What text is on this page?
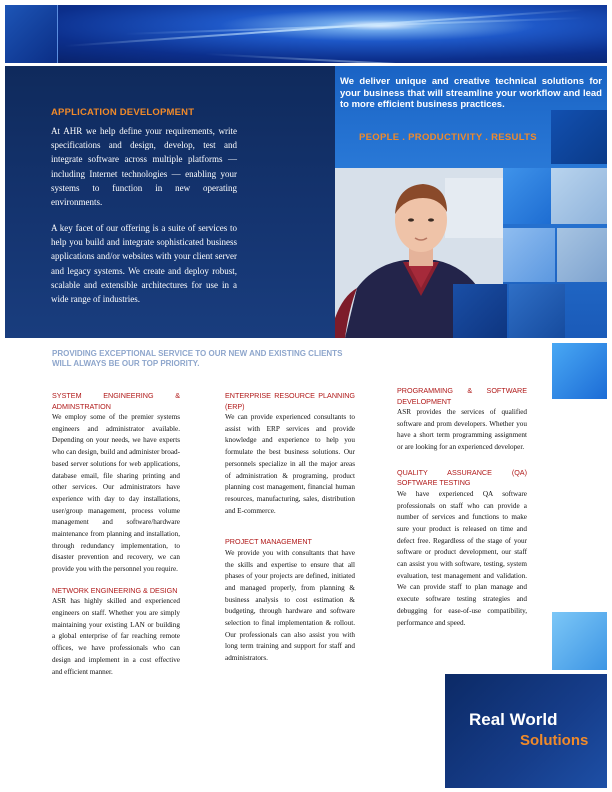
APPLICATION DEVELOPMENT
At AHR we help define your requirements, write specifications and design, develop, test and integrate software across multiple platforms — including Internet technologies — enabling your systems to function in new operating environments.
A key facet of our offering is a suite of services to help you build and integrate sophisticated business applications and/or websites with your client server and legacy systems. We create and deploy robust, scalable and extensible architectures for use in a wide range of industries.
We deliver unique and creative technical solutions for your business that will streamline your workflow and lead to more efficient business practices.
PEOPLE . PRODUCTIVITY . RESULTS
PROVIDING EXCEPTIONAL SERVICE TO OUR NEW AND EXISTING CLIENTS WILL ALWAYS BE OUR TOP PRIORITY.
SYSTEM ENGINEERING & ADMINSTRATION

We employ some of the premier systems engineers and administrator available. Depending on your needs, we have experts who can design, build and administer broad- based server solutions for web applications, database email, file sharing printing and other services. Our administrators have experience with day to day installations, user/group management, process volume management and software/hardware maintenance from planning and installation, through redundancy implementation, to disaster prevention and recovery, we can provide you with the personnel you require.

NETWORK ENGINEERING & DESIGN

ASR has highly skilled and experienced engineers on staff. Whether you are simply maintaining your existing LAN or building a global enterprise of far reaching remote offices, we have professionals who can design and implement in a cost effective and efficient manner.

ENTERPRISE RESOURCE PLANNING (ERP)

We can provide experienced consultants to assist with ERP services and provide knowledge and experience to help you formulate the best business solutions. Our personnels specialize in all the major areas of administration & programing, product planning cost management, financial human resources, manufacturing, sales, distribution and E-commerce.

PROJECT MANAGEMENT

We provide you with consultants that have the skills and expertise to ensure that all phases of your projects are defined, initiated and managed properly, from planning & business analysis to cost estimation & budgeting, through hardware and software selection to final implementation & rollout. Our professionals can also assist you with long term training and support for staff and administrators.

PROGRAMMING & SOFTWARE DEVELOPMENT

ASR provides the services of qualified software and prom developers. Whether you have a short term programming assignment or are looking for an experienced developer.

QUALITY ASSURANCE (QA) SOFTWARE TESTING

We have experienced QA software professionals on staff who can provide a number of services and functions to make sure your product is released on time and defect free. Regardless of the stage of your software or product development, our staff can assist you with software, testing, system evaluation, test management and validation. We can provide staff to plan manage and execute software testing strategies and debugging for ease-of-use compatibility, performance and speed.

Real World
Solutions
